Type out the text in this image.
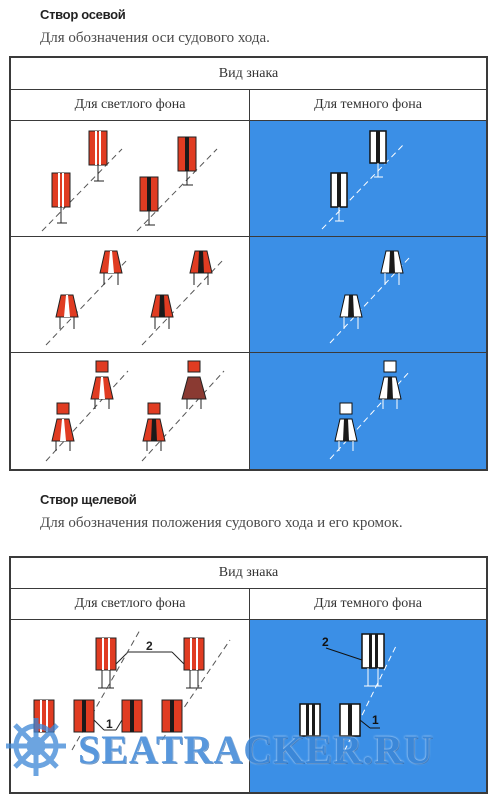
Створ осевой
Для обозначения оси судового хода.
Вид знака
Для светлого фона	Для темного фона
Створ щелевой
Для обозначения положения судового хода и его кромок.
Вид знака
Для светлого фона	Для темного фона
2
1
2
1
SEATRACKER.RU
